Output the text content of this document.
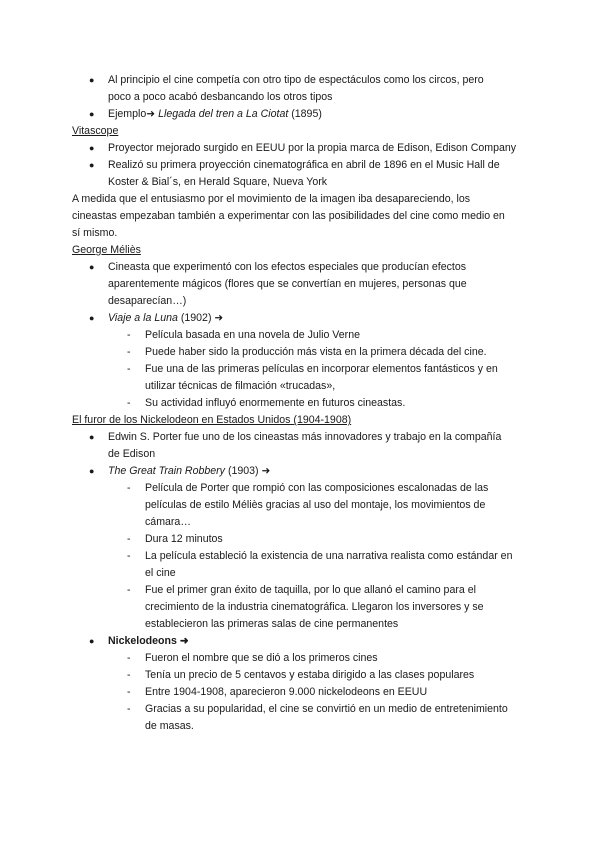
● Al principio el cine competía con otro tipo de espectáculos como los circos, pero
poco a poco acabó desbancando los otros tipos
● Ejemplo➜ Llegada del tren a La Ciotat (1895)
Vitascope
● Proyector mejorado surgido en EEUU por la propia marca de Edison, Edison Company
● Realizó su primera proyección cinematográfica en abril de 1896 en el Music Hall de
Koster & Bial´s, en Herald Square, Nueva York
A medida que el entusiasmo por el movimiento de la imagen iba desapareciendo, los
cineastas empezaban también a experimentar con las posibilidades del cine como medio en
sí mismo.
George Méliès
● Cineasta que experimentó con los efectos especiales que producían efectos
aparentemente mágicos (flores que se convertían en mujeres, personas que
desaparecían…)
● Viaje a la Luna (1902) ➜
- Película basada en una novela de Julio Verne
- Puede haber sido la producción más vista en la primera década del cine.
- Fue una de las primeras películas en incorporar elementos fantásticos y en
utilizar técnicas de filmación «trucadas»,
- Su actividad influyó enormemente en futuros cineastas.
El furor de los Nickelodeon en Estados Unidos (1904-1908)
● Edwin S. Porter fue uno de los cineastas más innovadores y trabajo en la compañía
de Edison
● The Great Train Robbery (1903) ➜
- Película de Porter que rompió con las composiciones escalonadas de las
películas de estilo Méliès gracias al uso del montaje, los movimientos de
cámara…
- Dura 12 minutos
- La película estableció la existencia de una narrativa realista como estándar en
el cine
- Fue el primer gran éxito de taquilla, por lo que allanó el camino para el
crecimiento de la industria cinematográfica. Llegaron los inversores y se
establecieron las primeras salas de cine permanentes
● Nickelodeons ➜
- Fueron el nombre que se dió a los primeros cines
- Tenía un precio de 5 centavos y estaba dirigido a las clases populares
- Entre 1904-1908, aparecieron 9.000 nickelodeons en EEUU
- Gracias a su popularidad, el cine se convirtió en un medio de entretenimiento
de masas.
